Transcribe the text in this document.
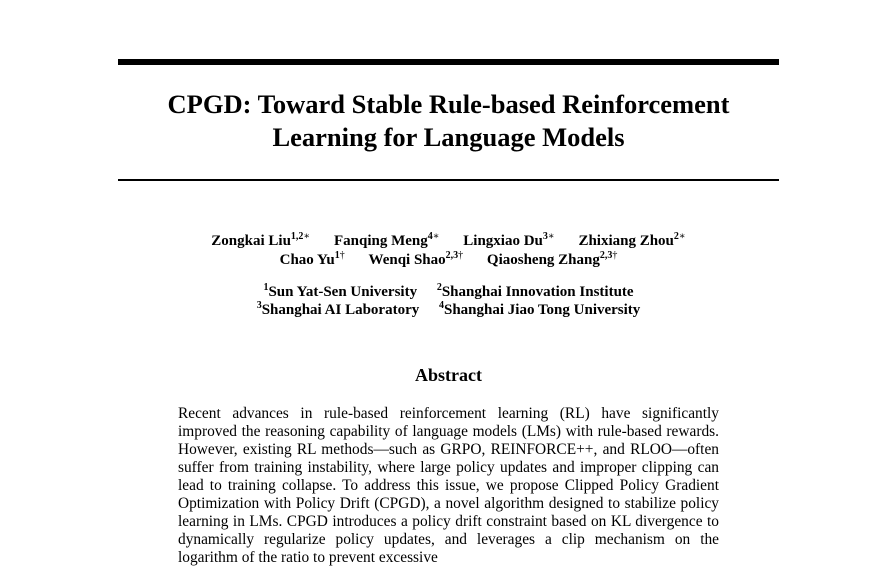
CPGD: Toward Stable Rule-based Reinforcement
Learning for Language Models
Zongkai Liu$^{1,2∗}$ Fanqing Meng$^{4∗}$ Lingxiao $Du^{3∗}$ Zhixiang Zhou$^{2∗}$
Chao $Yu^{1\dagger}$ Wenqi Shao$^{2,3\dagger}$ Qiaosheng Zhang$^{2,3\dagger}$
$^1$Sun Yat-Sen University $^2$Shanghai Innovation Institute
$^3$Shanghai AI Laboratory $^4$Shanghai Jiao Tong University
Abstract

Recent advances in rule-based reinforcement learning (RL) have significantly improved the reasoning capability of language models (LMs) with rule-based rewards. However, existing RL methods—such as GRPO, REINFORCE++, and RLOO—often suffer from training instability, where large policy updates and improper clipping can lead to training collapse. To address this issue, we propose Clipped Policy Gradient Optimization with Policy Drift (CPGD), a novel algorithm designed to stabilize policy learning in LMs. CPGD introduces a policy drift constraint based on KL divergence to dynamically regularize policy updates, and leverages a clip mechanism on the logarithm of the ratio to prevent excessive
